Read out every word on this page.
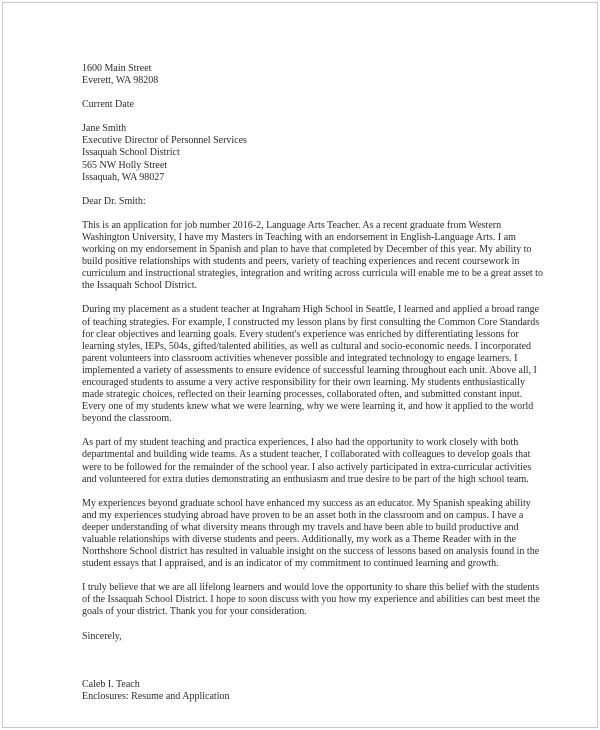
1600 Main Street
Everett, WA 98208
Current Date
Jane Smith
Executive Director of Personnel Services
Issaquah School District
565 NW Holly Street
Issaquah, WA 98027
Dear Dr. Smith:

This is an application for job number 2016-2, Language Arts Teacher. As a recent graduate from Western Washington University, I have my Masters in Teaching with an endorsement in English-Language Arts. I am working on my endorsement in Spanish and plan to have that completed by December of this year. My ability to build positive relationships with students and peers, variety of teaching experiences and recent coursework in curriculum and instructional strategies, integration and writing across curricula will enable me to be a great asset to the Issaquah School District.

During my placement as a student teacher at Ingraham High School in Seattle, I learned and applied a broad range of teaching strategies. For example, I constructed my lesson plans by first consulting the Common Core Standards for clear objectives and learning goals. Every student's experience was enriched by differentiating lessons for learning styles, IEPs, 504s, gifted/talented abilities, as well as cultural and socio-economic needs. I incorporated parent volunteers into classroom activities whenever possible and integrated technology to engage learners. I implemented a variety of assessments to ensure evidence of successful learning throughout each unit. Above all, I encouraged students to assume a very active responsibility for their own learning. My students enthusiastically made strategic choices, reflected on their learning processes, collaborated often, and submitted constant input. Every one of my students knew what we were learning, why we were learning it, and how it applied to the world beyond the classroom.

As part of my student teaching and practica experiences, I also had the opportunity to work closely with both departmental and building wide teams. As a student teacher, I collaborated with colleagues to develop goals that were to be followed for the remainder of the school year. I also actively participated in extra-curricular activities and volunteered for extra duties demonstrating an enthusiasm and true desire to be part of the high school team.

My experiences beyond graduate school have enhanced my success as an educator. My Spanish speaking ability and my experiences studying abroad have proven to be an asset both in the classroom and on campus. I have a deeper understanding of what diversity means through my travels and have been able to build productive and valuable relationships with diverse students and peers. Additionally, my work as a Theme Reader with in the Northshore School district has resulted in valuable insight on the success of lessons based on analysis found in the student essays that I appraised, and is an indicator of my commitment to continued learning and growth.

I truly believe that we are all lifelong learners and would love the opportunity to share this belief with the students of the Issaquah School District. I hope to soon discuss with you how my experience and abilities can best meet the goals of your district. Thank you for your consideration.

Sincerely,
Caleb I. Teach
Enclosures: Resume and Application
